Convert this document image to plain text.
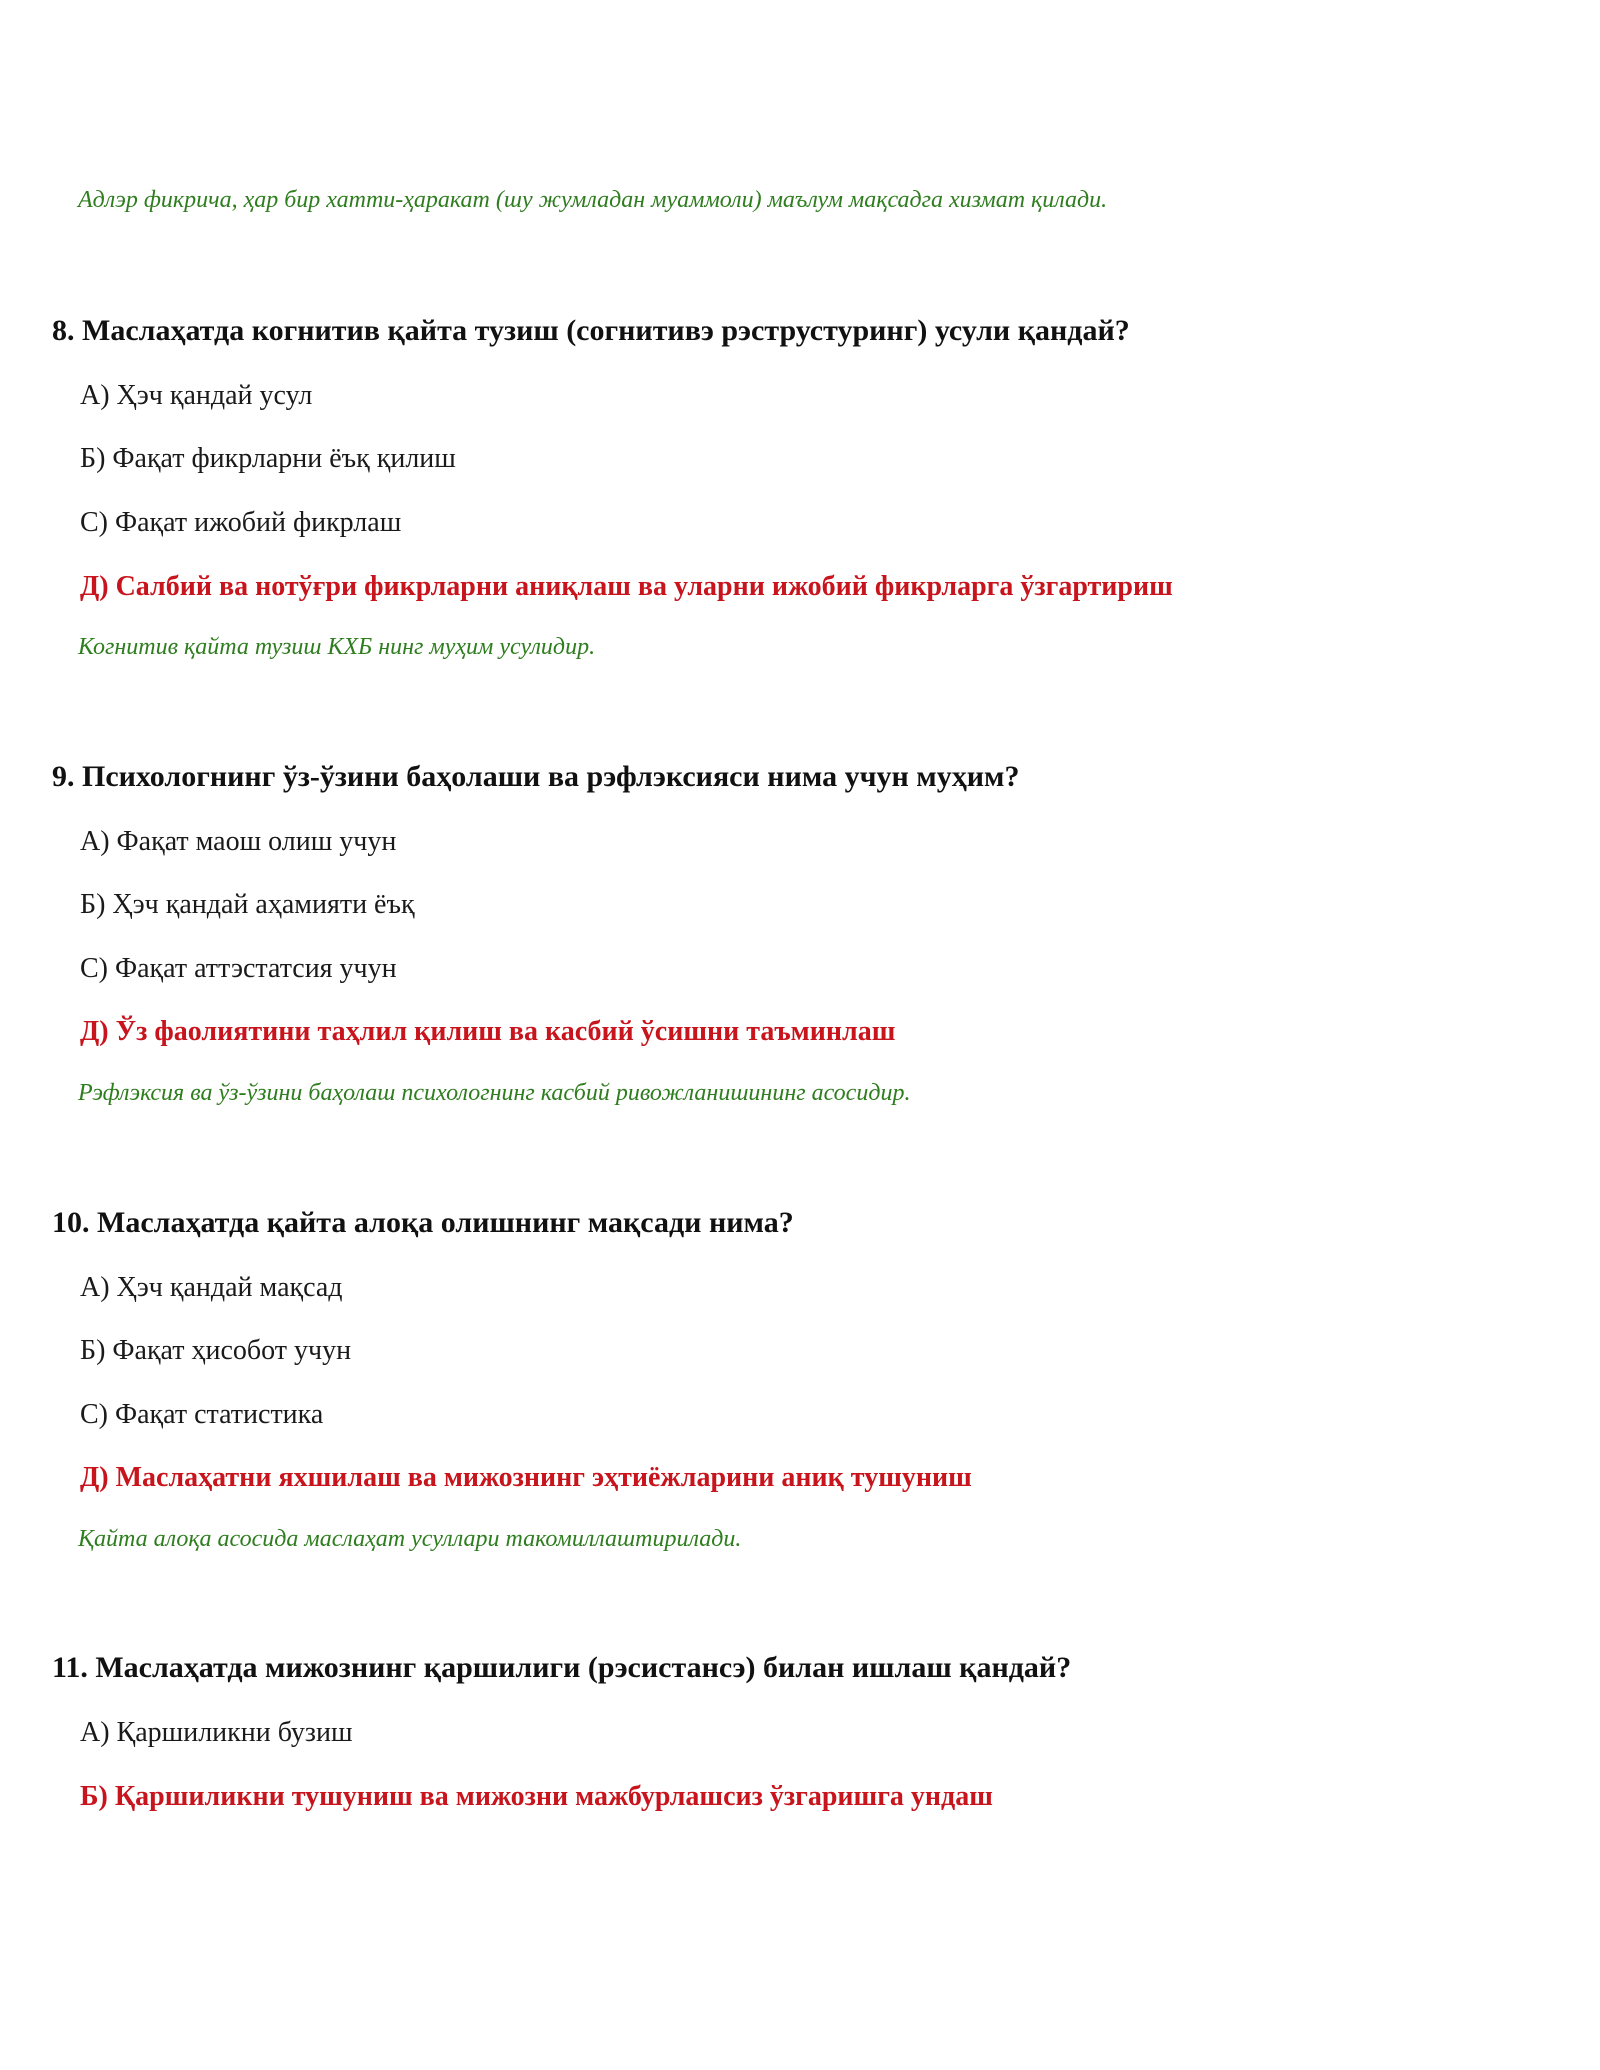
Адлэр фикрича, ҳар бир хатти-ҳаракат (шу жумладан муаммоли) маълум мақсадга хизмат қилади.
8. Маслаҳатда когнитив қайта тузиш (согнитивэ рэструстуринг) усули қандай?
А) Ҳэч қандай усул
Б) Фақат фикрларни ёъқ қилиш
С) Фақат ижобий фикрлаш
Д) Салбий ва нотўғри фикрларни аниқлаш ва уларни ижобий фикрларга ўзгартириш
Когнитив қайта тузиш КХБ нинг муҳим усулидир.
9. Психологнинг ўз-ўзини баҳолаши ва рэфлэксияси нима учун муҳим?
А) Фақат маош олиш учун
Б) Ҳэч қандай аҳамияти ёъқ
С) Фақат аттэстатсия учун
Д) Ўз фаолиятини таҳлил қилиш ва касбий ўсишни таъминлаш
Рэфлэксия ва ўз-ўзини баҳолаш психологнинг касбий ривожланишининг асосидир.
10. Маслаҳатда қайта алоқа олишнинг мақсади нима?
А) Ҳэч қандай мақсад
Б) Фақат ҳисобот учун
С) Фақат статистика
Д) Маслаҳатни яхшилаш ва мижознинг эҳтиёжларини аниқ тушуниш
Қайта алоқа асосида маслаҳат усуллари такомиллаштирилади.
11. Маслаҳатда мижознинг қаршилиги (рэсистансэ) билан ишлаш қандай?
А) Қаршиликни бузиш
Б) Қаршиликни тушуниш ва мижозни мажбурлашсиз ўзгаришга ундаш
